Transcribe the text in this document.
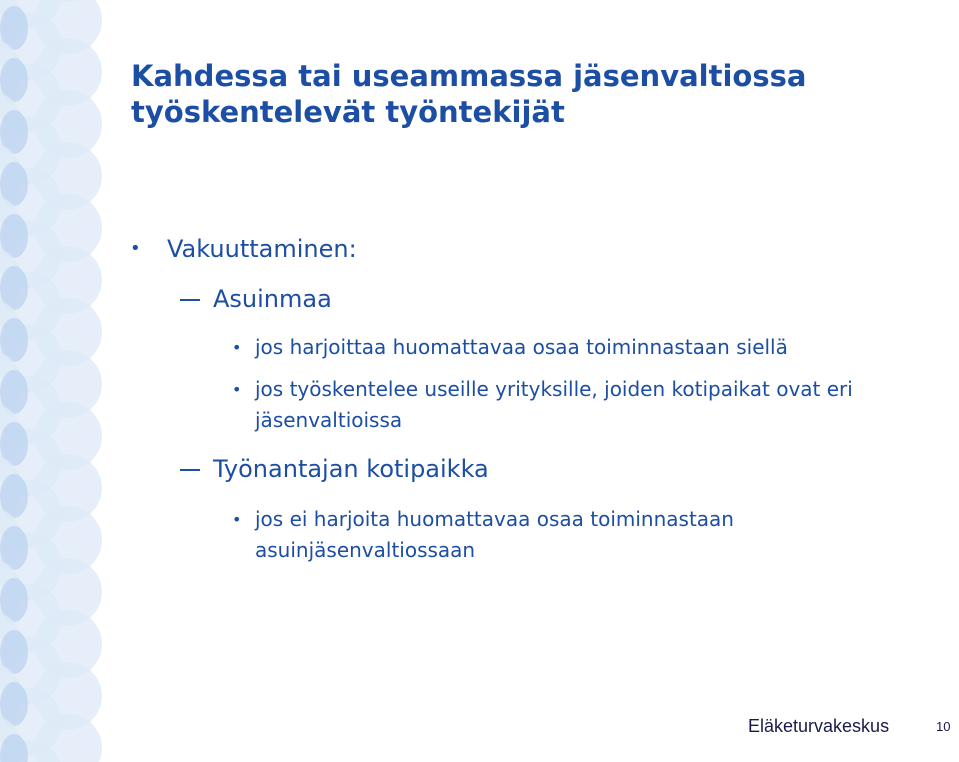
Kahdessa tai useammassa jäsenvaltiossa
työskentelevät työntekijät
• Vakuuttaminen:
Asuinmaa
• jos harjoittaa huomattavaa osaa toiminnastaan siellä
• jos työskentelee useille yrityksille, joiden kotipaikat ovat eri jäsenvaltioissa
Työnantajan kotipaikka
• jos ei harjoita huomattavaa osaa toiminnastaan asuinjäsenvaltiossaan
Eläketurvakeskus	10
